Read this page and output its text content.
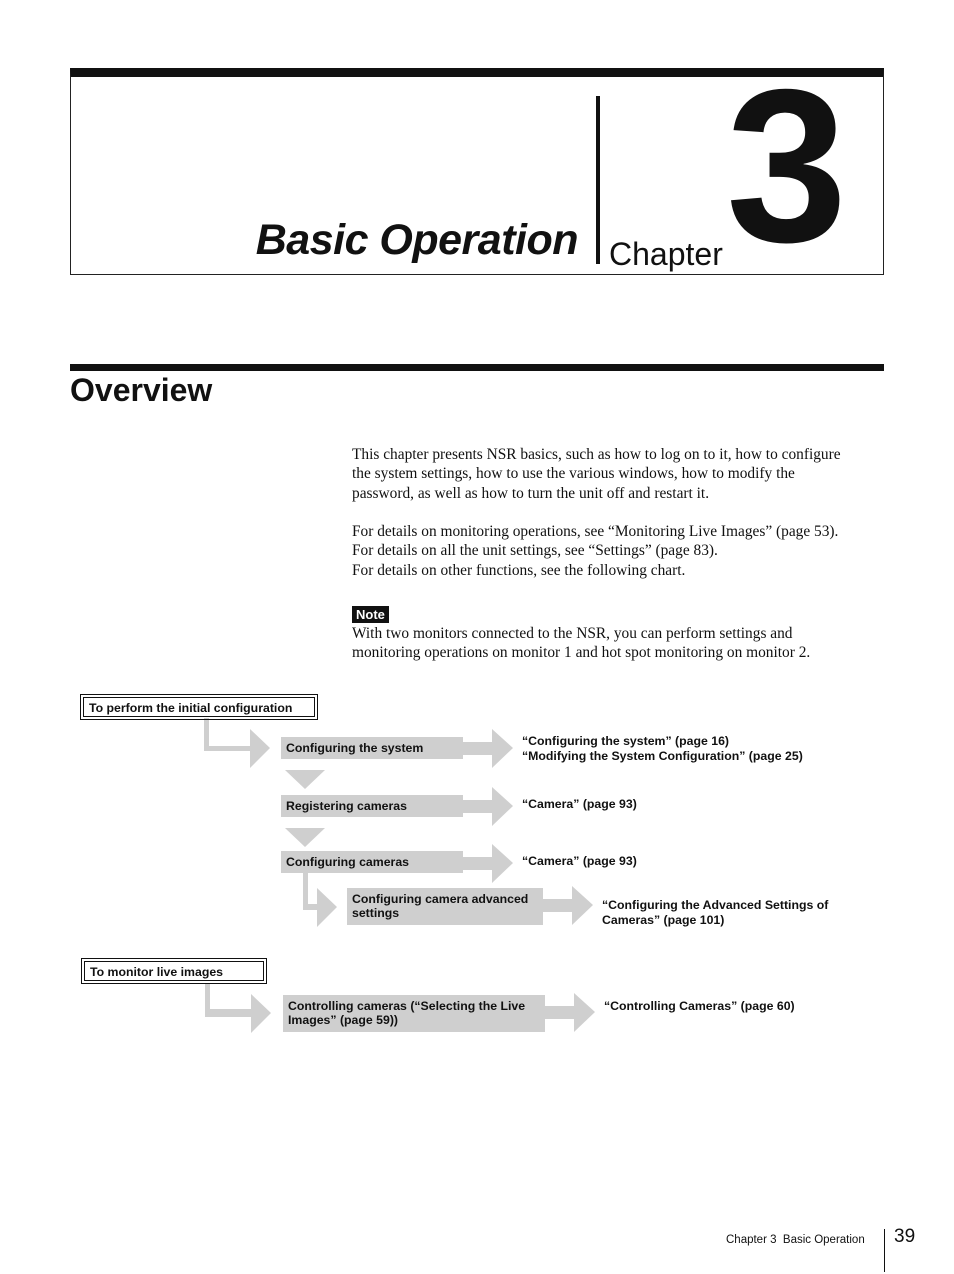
Basic Operation Chapter 3
Overview
This chapter presents NSR basics, such as how to log on to it, how to configure
the system settings, how to use the various windows, how to modify the
password, as well as how to turn the unit off and restart it.
For details on monitoring operations, see “Monitoring Live Images” (page 53).
For details on all the unit settings, see “Settings” (page 83).
For details on other functions, see the following chart.
Note
With two monitors connected to the NSR, you can perform settings and
monitoring operations on monitor 1 and hot spot monitoring on monitor 2.
To perform the initial configuration
Configuring the system	“Configuring the system” (page 16)
“Modifying the System Configuration” (page 25)
Registering cameras	“Camera” (page 93)
Configuring cameras	“Camera” (page 93)
Configuring camera advanced settings
“Configuring the Advanced Settings of
Cameras” (page 101)
To monitor live images
Controlling cameras (“Selecting the Live Images” (page 59))
“Controlling Cameras” (page 60)
Chapter 3  Basic Operation 39
